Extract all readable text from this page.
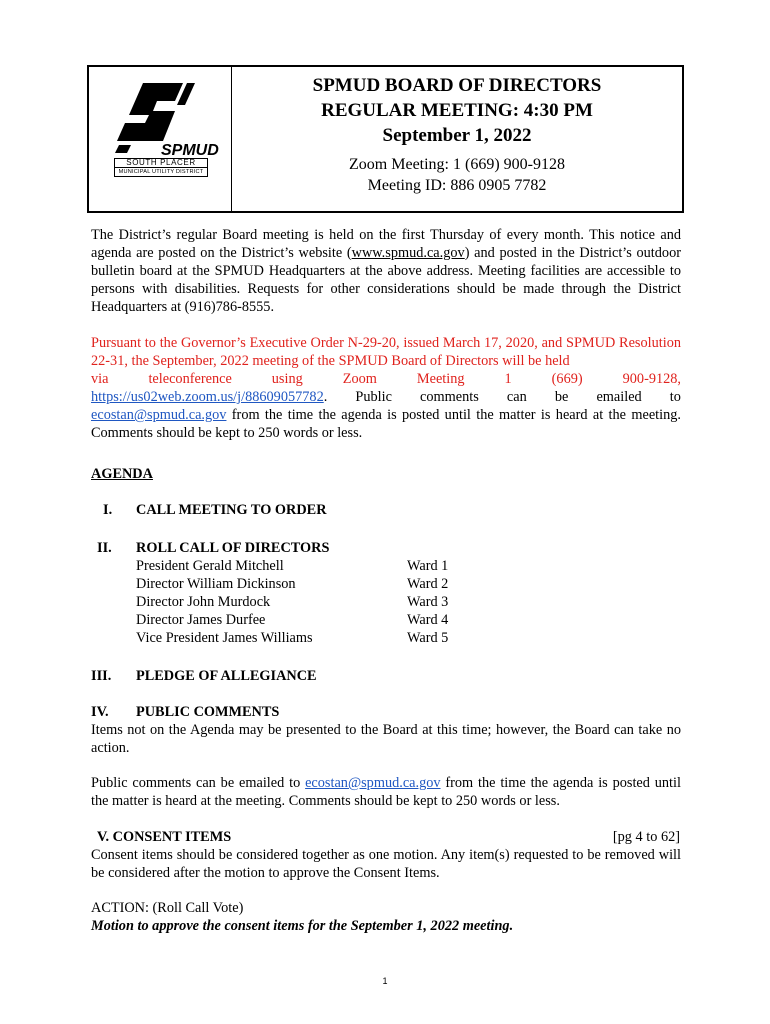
SPMUD
SOUTH PLACER
MUNICIPAL UTILITY DISTRICT
SPMUD BOARD OF DIRECTORS
REGULAR MEETING: 4:30 PM
September 1, 2022
Zoom Meeting: 1 (669) 900-9128
Meeting ID: 886 0905 7782

The District’s regular Board meeting is held on the first Thursday of every month. This notice and agenda are posted on the District’s website (www.spmud.ca.gov) and posted in the District’s outdoor bulletin board at the SPMUD Headquarters at the above address. Meeting facilities are accessible to persons with disabilities. Requests for other considerations should be made through the District Headquarters at (916)786-8555.

Pursuant to the Governor’s Executive Order N-29-20, issued March 17, 2020, and SPMUD Resolution 22-31, the September, 2022 meeting of the SPMUD Board of Directors will be held
via	teleconference	using	Zoom	Meeting	1	(669)	900-9128,
https://us02web.zoom.us/j/88609057782. Public comments can be emailed to
ecostan@spmud.ca.gov from the time the agenda is posted until the matter is heard at the meeting. Comments should be kept to 250 words or less.
AGENDA
I. CALL MEETING TO ORDER
II. ROLL CALL OF DIRECTORS
President Gerald Mitchell	Ward 1
Director William Dickinson	Ward 2
Director John Murdock	Ward 3
Director James Durfee	Ward 4
Vice President James Williams	Ward 5
III. PLEDGE OF ALLEGIANCE
IV. PUBLIC COMMENTS

Items not on the Agenda may be presented to the Board at this time; however, the Board can take no action.

Public comments can be emailed to ecostan@spmud.ca.gov from the time the agenda is posted until the matter is heard at the meeting. Comments should be kept to 250 words or less.

V. CONSENT ITEMS	[pg 4 to 62]

Consent items should be considered together as one motion. Any item(s) requested to be removed will be considered after the motion to approve the Consent Items.

ACTION: (Roll Call Vote)
Motion to approve the consent items for the September 1, 2022 meeting.
1
